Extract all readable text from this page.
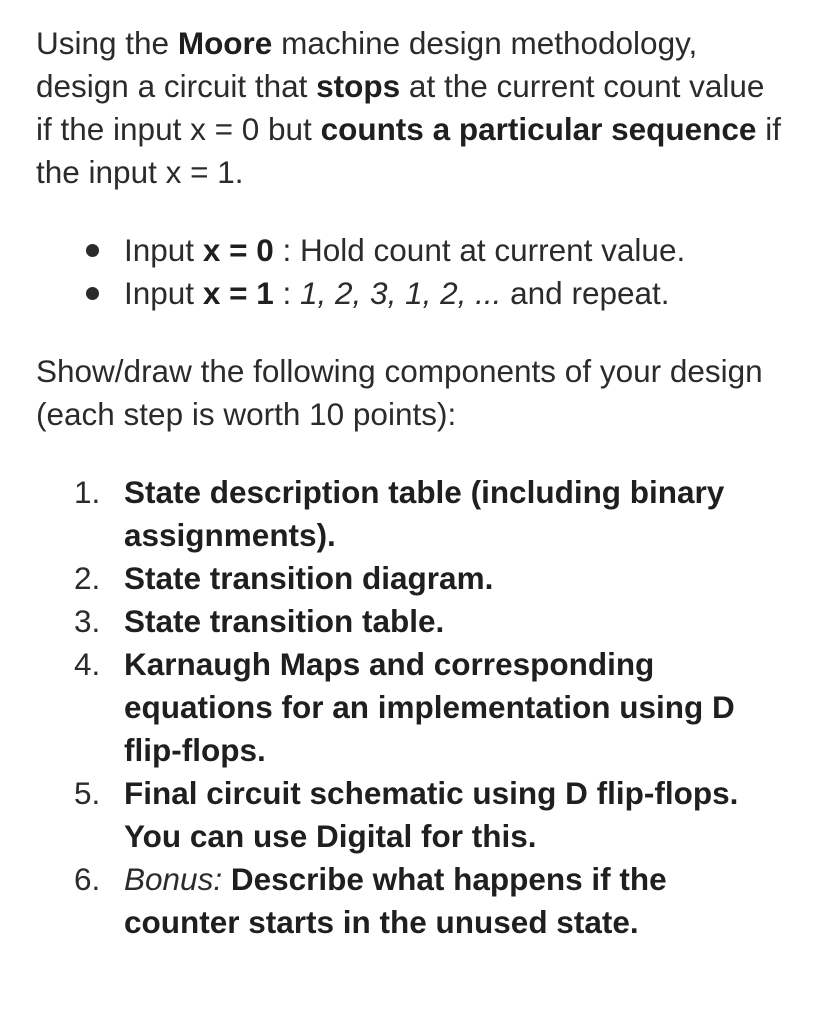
Using the Moore machine design methodology, design a circuit that stops at the current count value if the input x = 0 but counts a particular sequence if the input x = 1.

Input x = 0 : Hold count at current value.
Input x = 1 : 1, 2, 3, 1, 2, ... and repeat.

Show/draw the following components of your design (each step is worth 10 points):

1. State description table (including binary assignments).
2. State transition diagram.
3. State transition table.
4. Karnaugh Maps and corresponding equations for an implementation using D flip-flops.
5. Final circuit schematic using D flip-flops. You can use Digital for this.
6. Bonus: Describe what happens if the counter starts in the unused state.
